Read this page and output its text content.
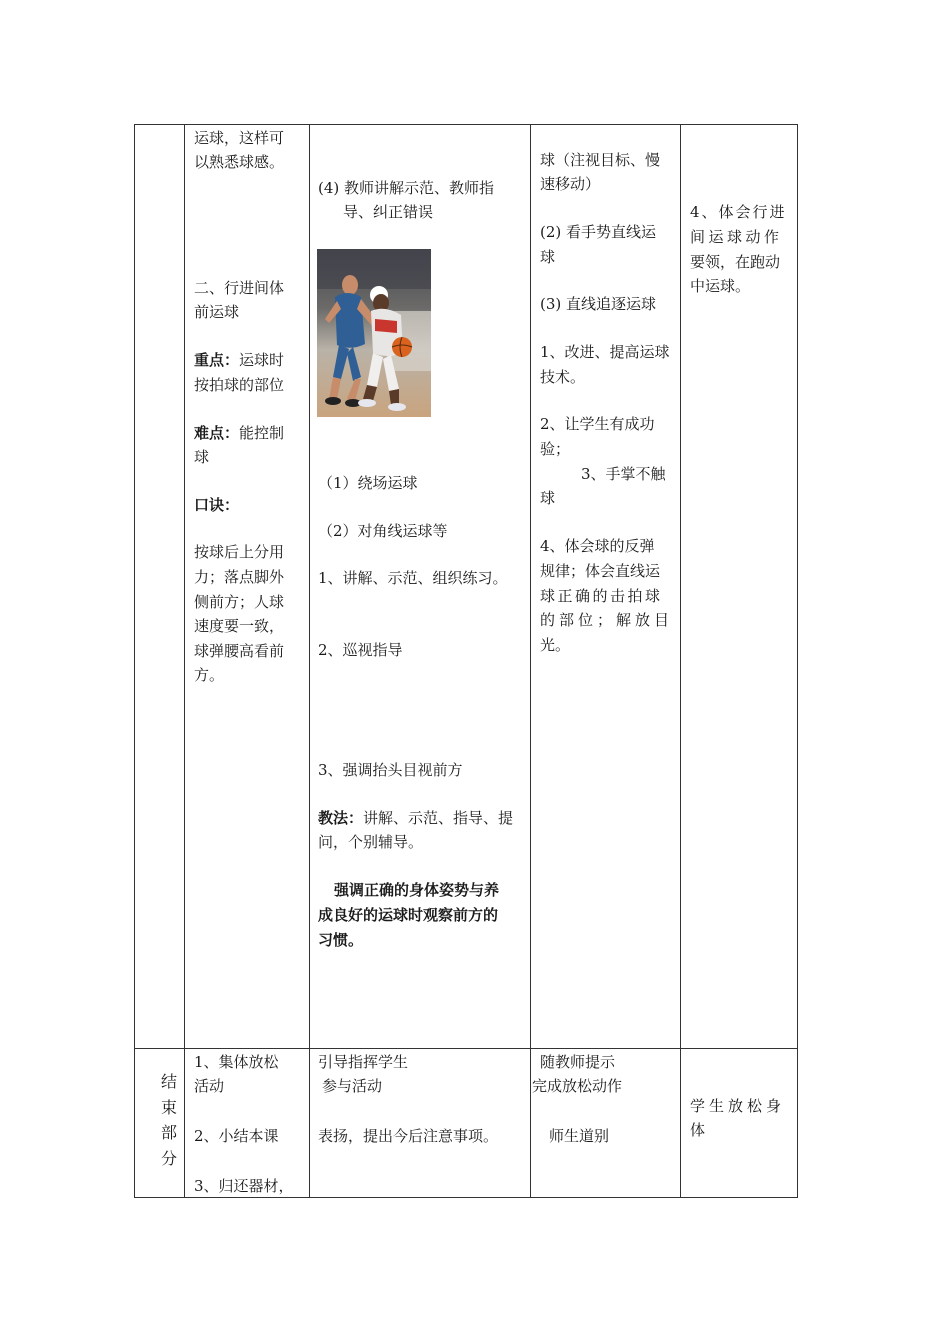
运球，这样可
以熟悉球感。
二、行进间体
前运球
重点：运球时
按拍球的部位
难点：能控制
球
口诀：
按球后上分用
力；落点脚外
侧前方；人球
速度要一致，
球弹腰高看前
方。
(4) 教师讲解示范、教师指
导、纠正错误
（1）绕场运球
（2）对角线运球等
1、讲解、示范、组织练习。
2、巡视指导
3、强调抬头目视前方
教法：讲解、示范、指导、提
问，个别辅导。
强调正确的身体姿势与养
成良好的运球时观察前方的
习惯。
球（注视目标、慢
速移动）
(2) 看手势直线运
球
(3) 直线追逐运球
1、改进、提高运球
技术。
2、让学生有成功
验；
3、手掌不触
球
4、体会球的反弹
规律；体会直线运
球正确的击拍球
的部位；解放目
光。
4、体会行进
间运球动作
要领，在跑动
中运球。
结
束
部
分
1、集体放松
活动
2、小结本课
3、归还器材，
引导指挥学生
参与活动
表扬，提出今后注意事项。
随教师提示
完成放松动作
师生道别
学生放松身
体
